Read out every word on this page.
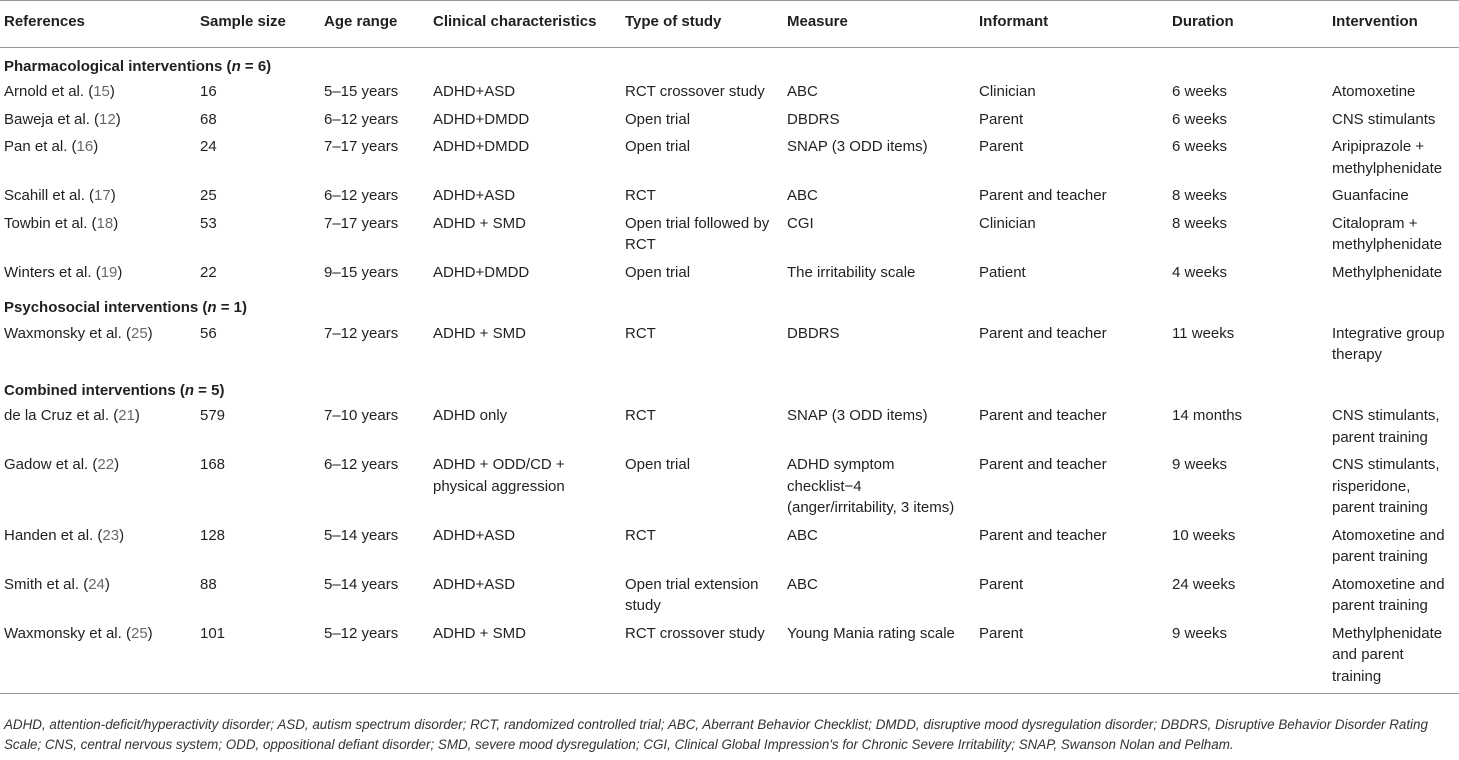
References	Sample size	Age range	Clinical characteristics	Type of study	Measure	Informant	Duration	Intervention
Pharmacological interventions (n = 6)								
Arnold et al. (15)	16	5–15 years	ADHD+ASD	RCT crossover study	ABC	Clinician	6 weeks	Atomoxetine
Baweja et al. (12)	68	6–12 years	ADHD+DMDD	Open trial	DBDRS	Parent	6 weeks	CNS stimulants
Pan et al. (16)	24	7–17 years	ADHD+DMDD	Open trial	SNAP (3 ODD items)	Parent	6 weeks	Aripiprazole + methylphenidate
Scahill et al. (17)	25	6–12 years	ADHD+ASD	RCT	ABC	Parent and teacher	8 weeks	Guanfacine
Towbin et al. (18)	53	7–17 years	ADHD + SMD	Open trial followed by RCT	CGI	Clinician	8 weeks	Citalopram + methylphenidate
Winters et al. (19)	22	9–15 years	ADHD+DMDD	Open trial	The irritability scale	Patient	4 weeks	Methylphenidate
Psychosocial interventions (n = 1)								
Waxmonsky et al. (25)	56	7–12 years	ADHD + SMD	RCT	DBDRS	Parent and teacher	11 weeks	Integrative group therapy
Combined interventions (n = 5)								
de la Cruz et al. (21)	579	7–10 years	ADHD only	RCT	SNAP (3 ODD items)	Parent and teacher	14 months	CNS stimulants, parent training
Gadow et al. (22)	168	6–12 years	ADHD + ODD/CD + physical aggression	Open trial	ADHD symptom checklist−4 (anger/irritability, 3 items)	Parent and teacher	9 weeks	CNS stimulants, risperidone, parent training
Handen et al. (23)	128	5–14 years	ADHD+ASD	RCT	ABC	Parent and teacher	10 weeks	Atomoxetine and parent training
Smith et al. (24)	88	5–14 years	ADHD+ASD	Open trial extension study	ABC	Parent	24 weeks	Atomoxetine and parent training
Waxmonsky et al. (25)	101	5–12 years	ADHD + SMD	RCT crossover study	Young Mania rating scale	Parent	9 weeks	Methylphenidate and parent training
ADHD, attention-deficit/hyperactivity disorder; ASD, autism spectrum disorder; RCT, randomized controlled trial; ABC, Aberrant Behavior Checklist; DMDD, disruptive mood dysregulation disorder; DBDRS, Disruptive Behavior Disorder Rating Scale; CNS, central nervous system; ODD, oppositional defiant disorder; SMD, severe mood dysregulation; CGI, Clinical Global Impression's for Chronic Severe Irritability; SNAP, Swanson Nolan and Pelham.
